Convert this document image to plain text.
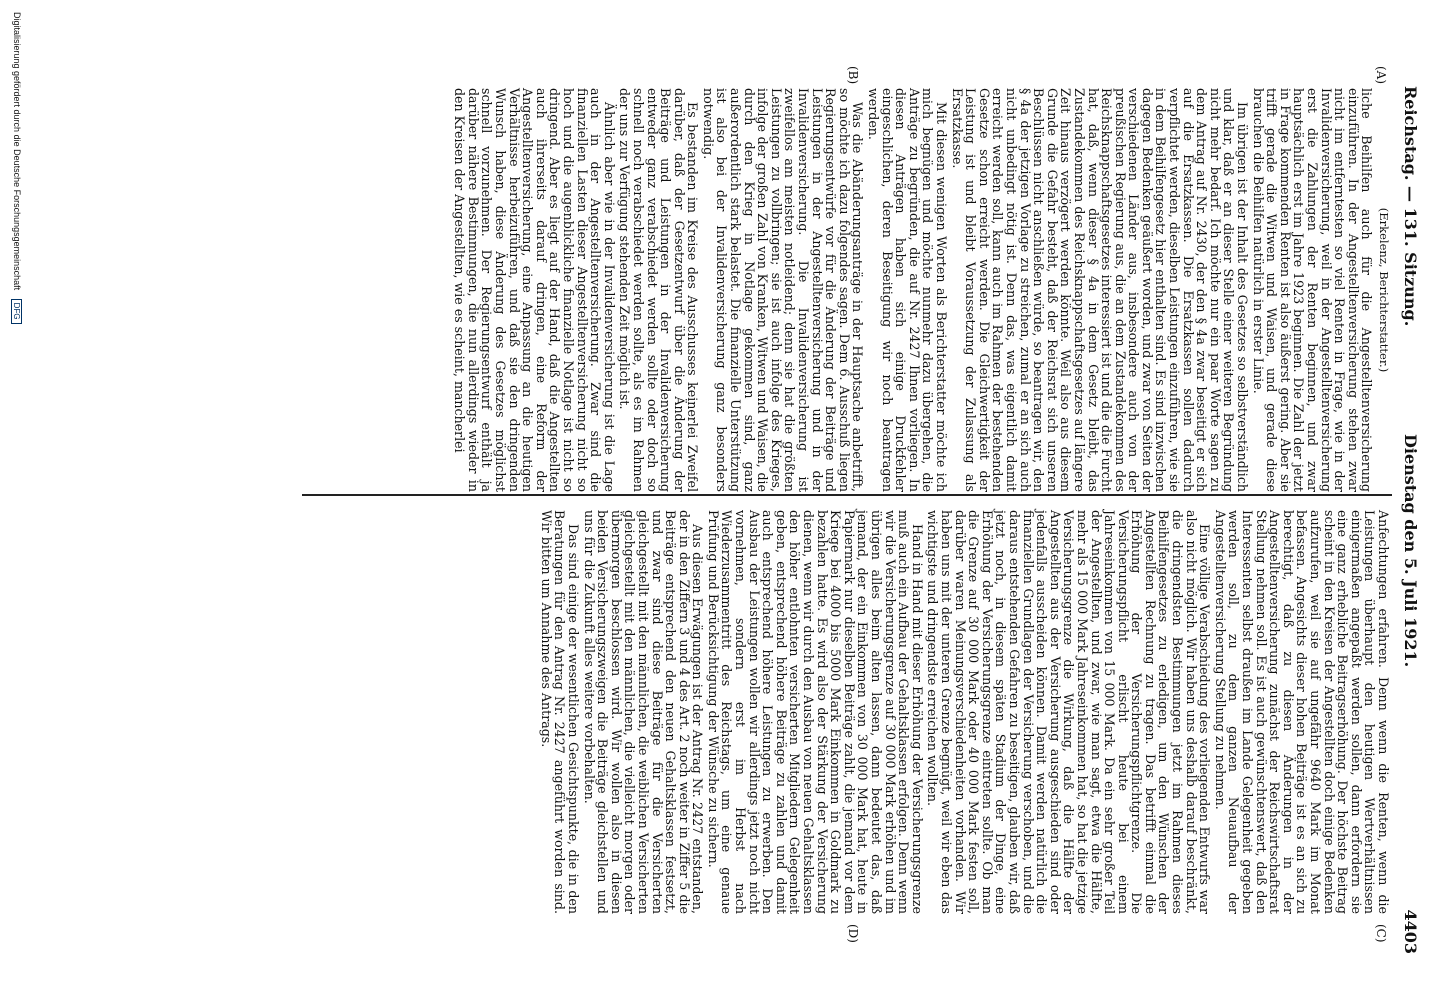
Reichstag. — 131. Sitzung.
Dienstag den 5. Juli 1921.
4403
(A)
(B)
(C)
(D)
(Erkelenz, Berichterstatter.)

liche Beihilfen auch für die Angestelltenversicherung einzuführen. In der Angestelltenversicherung stehen zwar nicht im entferntesten so viel Renten in Frage, wie in der Invalidenversicherung, weil in der Angestelltenversicherung erst die Zahlungen der Renten beginnen, und zwar hauptsächlich erst im Jahre 1923 beginnen. Die Zahl der jetzt in Frage kommenden Renten ist also äußerst gering. Aber sie trifft gerade die Witwen und Waisen, und gerade diese brauchen die Beihilfen natürlich in erster Linie.

Im übrigen ist der Inhalt des Gesetzes so selbstverständlich und klar, daß er an dieser Stelle einer weiteren Begründung nicht mehr bedarf. Ich möchte nur ein paar Worte sagen zu dem Antrag auf Nr. 2430, der den § 4a zwar beseitigt er sich auf die Ersatzkassen. Die Ersatzkassen sollen dadurch verpflichtet werden, dieselben Leistungen einzuführen, wie sie in dem Beihilfengesetz hier enthalten sind. Es sind inzwischen dagegen Bedenken geäußert worden, und zwar von Seiten der verschiedenen Länder aus, insbesondere auch von der preußischen Regierung aus, die an dem Zustandekommen des Reichsknappschaftsgesetzes interessiert ist und die die Furcht hat, daß, wenn dieser § 4a in dem Gesetz bleibt, das Zustandekommen des Reichsknappschaftsgesetzes auf längere Zeit hinaus verzögert werden könnte. Weil also aus diesem Grunde die Gefahr besteht, daß der Reichsrat sich unseren Beschlüssen nicht anschließen würde, so beantragen wir, den § 4a der jetzigen Vorlage zu streichen, zumal er an sich auch nicht unbedingt nötig ist. Denn das, was eigentlich damit erreicht werden soll, kann auch im Rahmen der bestehenden Gesetze schon erreicht werden. Die Gleichwertigkeit der Leistung ist und bleibt Voraussetzung der Zulassung als Ersatzkasse.

Mit diesen wenigen Worten als Berichterstatter möchte ich mich begnügen und möchte nunmehr dazu übergehen, die Anträge zu begründen, die auf Nr. 2427 Ihnen vorliegen. In diesen Anträgen haben sich einige Druckfehler eingeschlichen, deren Beseitigung wir noch beantragen werden.

Was die Abänderungsanträge in der Hauptsache anbetrifft, so möchte ich dazu folgendes sagen. Dem 6. Ausschuß liegen Regierungsentwürfe vor für die Änderung der Beiträge und Leistungen in der Angestelltenversicherung und in der Invalidenversicherung. Die Invalidenversicherung ist zweifellos am meisten notleidend; denn sie hat die größten Leistungen zu vollbringen; sie ist auch infolge des Krieges, infolge der großen Zahl von Kranken, Witwen und Waisen, die durch den Krieg in Notlage gekommen sind, ganz außerordentlich stark belastet. Die finanzielle Unterstützung ist also bei der Invalidenversicherung ganz besonders notwendig.

Es bestanden im Kreise des Ausschusses keinerlei Zweifel darüber, daß der Gesetzentwurf über die Änderung der Beiträge und Leistungen in der Invalidenversicherung entweder ganz verabschiedet werden sollte oder doch so schnell noch verabschiedet werden sollte, als es im Rahmen der uns zur Verfügung stehenden Zeit möglich ist.

Ähnlich aber wie in der Invalidenversicherung ist die Lage auch in der Angestelltenversicherung. Zwar sind die finanziellen Lasten dieser Angestelltenversicherung nicht so hoch und die augenblickliche finanzielle Notlage ist nicht so dringend. Aber es liegt auf der Hand, daß die Angestellten auch ihrerseits darauf dringen, eine Reform der Angestelltenversicherung, eine Anpassung an die heutigen Verhältnisse herbeizuführen, und daß sie den dringenden Wunsch haben, diese Änderung des Gesetzes möglichst schnell vorzunehmen. Der Regierungsentwurf enthält ja darüber nähere Bestimmungen, die nun allerdings wieder in den Kreisen der Angestellten, wie es scheint, mancherlei

Anfechtungen erfahren. Denn wenn die Renten, wenn die Leistungen überhaupt den heutigen Wertverhältnissen einigermaßen angepaßt werden sollen, dann erfordern sie eine ganz erhebliche Beitragserhöhung. Der höchste Beitrag scheint in den Kreisen der Angestellten doch einige Bedenken aufzurufen, weil sie auf ungefähr 9640 Mark im Monat befassen. Angesichts dieser hohen Beiträge ist es an sich zu berechtigt, daß zu diesen Änderungen in der Angestelltenversicherung zunächst der Reichswirtschaftsrat Stellung nehmen soll. Es ist auch gewünschtenswert, daß den Interessenten selbst draußen im Lande Gelegenheit gegeben werden soll, zu dem ganzen Neuaufbau der Angestelltenversicherung Stellung zu nehmen.

Eine völlige Verabschiedung des vorliegenden Entwurfs war also nicht möglich. Wir haben uns deshalb darauf beschränkt, die dringendsten Bestimmungen jetzt im Rahmen dieses Beihilfengesetzes zu erledigen, um den Wünschen der Angestellten Rechnung zu tragen. Das betrifft einmal die Erhöhung der Versicherungspflichtgrenze. Die Versicherungspflicht erlischt heute bei einem Jahreseinkommen von 15 000 Mark. Da ein sehr großer Teil der Angestellten, und zwar, wie man sagt, etwa die Hälfte, mehr als 15 000 Mark Jahreseinkommen hat, so hat die jetzige Versicherungsgrenze die Wirkung, daß die Hälfte der Angestellten aus der Versicherung ausgeschieden sind oder jedenfalls ausscheiden können. Damit werden natürlich die finanziellen Grundlagen der Versicherung verschoben, und die daraus entstehenden Gefahren zu beseitigen, glauben wir, daß jetzt noch, in diesem späten Stadium der Dinge, eine Erhöhung der Versicherungsgrenze eintreten sollte. Ob man die Grenze auf 30 000 Mark oder 40 000 Mark festen soll, darüber waren Meinungsverschiedenheiten vorhanden. Wir haben uns mit der unteren Grenze begnügt, weil wir eben das wichtigste und dringendste erreichen wollten.

Hand in Hand mit dieser Erhöhung der Versicherungsgrenze muß auch ein Aufbau der Gehaltsklassen erfolgen. Denn wenn wir die Versicherungsgrenze auf 30 000 Mark erhöhen und im übrigen alles beim alten lassen, dann bedeutet das, daß jemand, der ein Einkommen von 30 000 Mark hat, heute in Papiermark nur dieselben Beiträge zahlt, die jemand vor dem Kriege bei 4000 bis 5000 Mark Einkommen in Goldmark zu bezahlen hatte. Es wird also der Stärkung der Versicherung dienen, wenn wir durch den Ausbau von neuen Gehaltsklassen den höher entlohnten versicherten Mitgliedern Gelegenheit geben, entsprechend höhere Beiträge zu zahlen und damit auch entsprechend höhere Leistungen zu erwerben. Den Ausbau der Leistungen wollen wir allerdings jetzt noch nicht vornehmen, sondern erst im Herbst nach Wiederzusammentritt des Reichstags, um eine genaue Prüfung und Berücksichtigung der Wünsche zu sichern.

Aus diesen Erwägungen ist der Antrag Nr. 2427 entstanden, der in den Ziffern 3 und 4 des Art. 2 noch weiter in Ziffer 5 die Beiträge entsprechend den neuen Gehaltsklassen festsetzt, und zwar sind diese Beiträge für die Versicherten gleichgestellt mit den männlichen, die weiblichen Versicherten gleichgestellt mit den männlichen, die vielleicht morgen oder übermorgen beschlossen wird. Wir wollen also in diesen beiden Versicherungszweigen die Beiträge gleichstellen und uns für die Zukunft alles weitere vorbehalten.

Das sind einige der wesentlichen Gesichtspunkte, die in den Beratungen für den Antrag Nr. 2427 angeführt worden sind. Wir bitten um Annahme des Antrags.

Digitalisierung gefördert durch die Deutsche Forschungsgemeinschaft DFG
